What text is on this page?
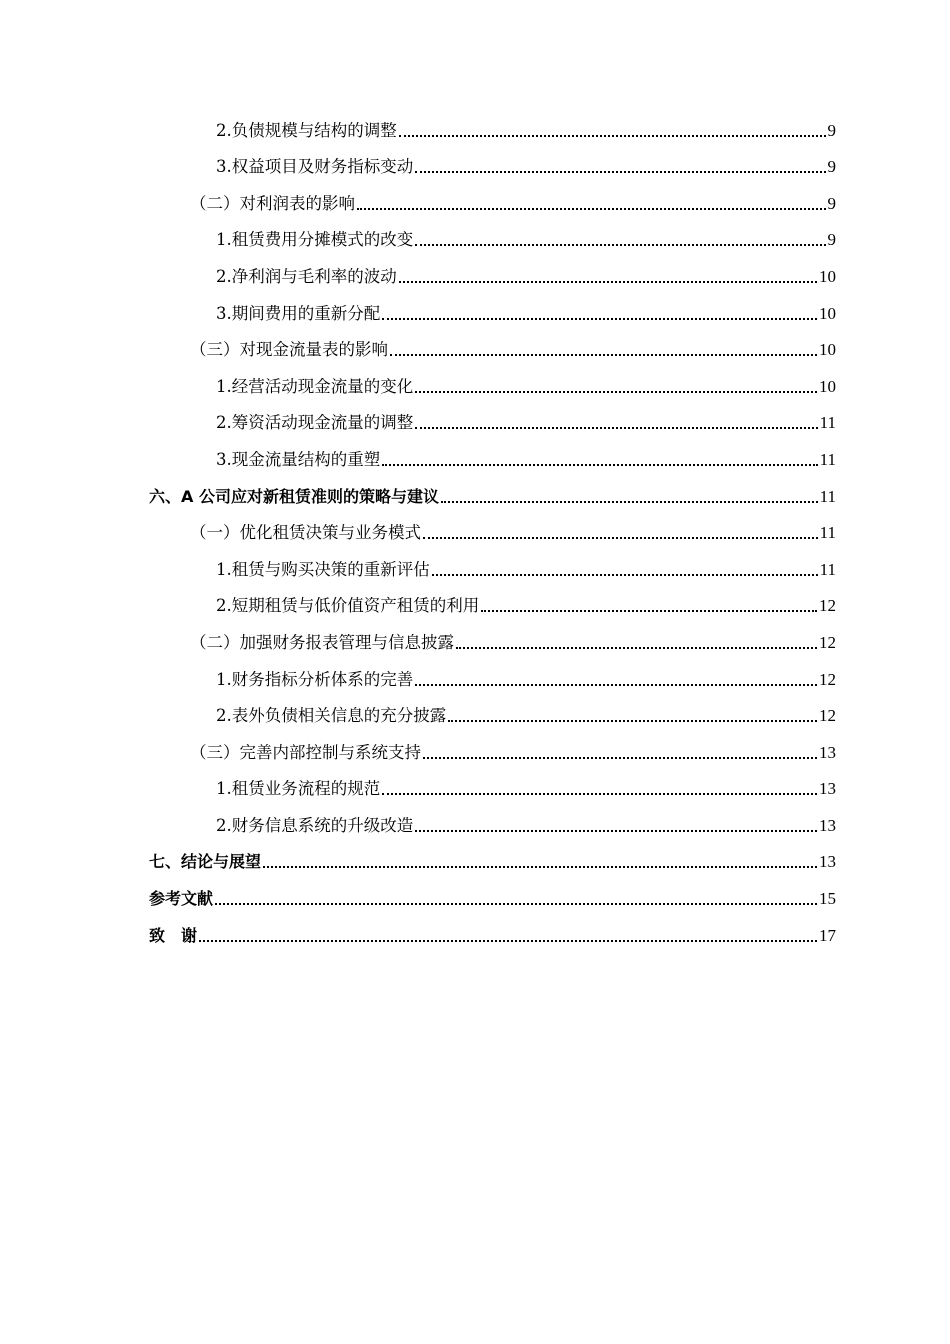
2.负债规模与结构的调整	9
3.权益项目及财务指标变动	9
（二）对利润表的影响	9
1.租赁费用分摊模式的改变	9
2.净利润与毛利率的波动	10
3.期间费用的重新分配	10
（三）对现金流量表的影响	10
1.经营活动现金流量的变化	10
2.筹资活动现金流量的调整	11
3.现金流量结构的重塑	11
六、A 公司应对新租赁准则的策略与建议	11
（一）优化租赁决策与业务模式	11
1.租赁与购买决策的重新评估	11
2.短期租赁与低价值资产租赁的利用	12
（二）加强财务报表管理与信息披露	12
1.财务指标分析体系的完善	12
2.表外负债相关信息的充分披露	12
（三）完善内部控制与系统支持	13
1.租赁业务流程的规范	13
2.财务信息系统的升级改造	13
七、结论与展望	13
参考文献	15
致　谢	17
